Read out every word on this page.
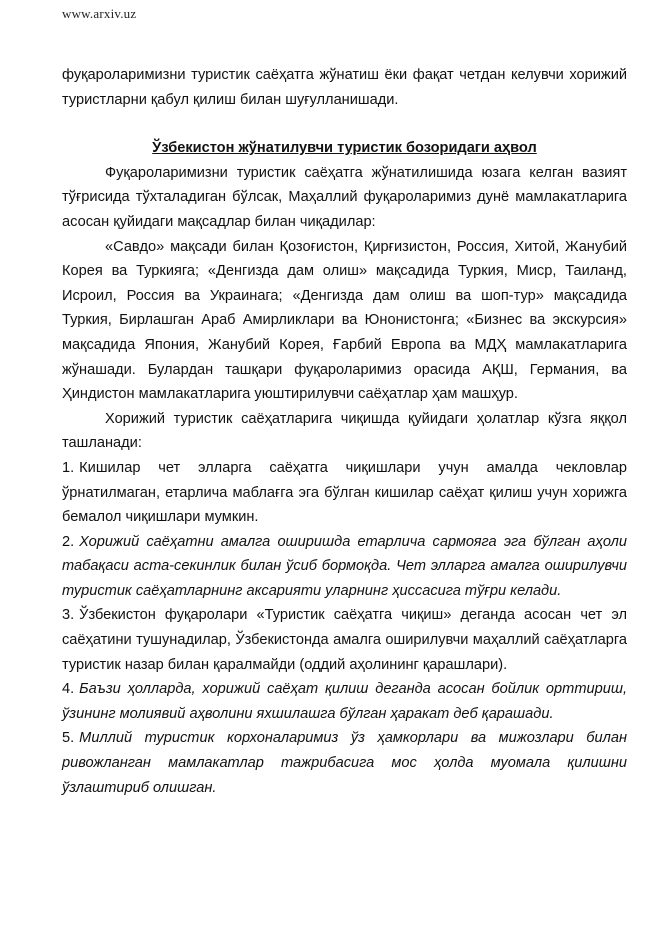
www.arxiv.uz

фуқароларимизни туристик саёҳатга жўнатиш ёки фақат четдан келувчи хорижий туристларни қабул қилиш билан шуғулланишади.

Ўзбекистон жўнатилувчи туристик бозоридаги аҳвол

Фуқароларимизни туристик саёҳатга жўнатилишида юзага келган вазият тўғрисида тўхталадиган бўлсак, Маҳаллий фуқароларимиз дунё мамлакатларига асосан қуйидаги мақсадлар билан чиқадилар:

«Савдо» мақсади билан Қозоғистон, Қирғизистон, Россия, Хитой, Жанубий Корея ва Туркияга; «Денгизда дам олиш» мақсадида Туркия, Миср, Таиланд, Исроил, Россия ва Украинага; «Денгизда дам олиш ва шоп-тур» мақсадида Туркия, Бирлашган Араб Амирликлари ва Юнонистонга; «Бизнес ва экскурсия» мақсадида Япония, Жанубий Корея, Ғарбий Европа ва МДҲ мамлакатларига жўнашади. Булардан ташқари фуқароларимиз орасида АҚШ, Германия, ва Ҳиндистон мамлакатларига уюштирилувчи саёҳатлар ҳам машҳур.

Хорижий туристик саёҳатларига чиқишда қуйидаги ҳолатлар кўзга яққол ташланади:

1. Кишилар чет элларга саёҳатга чиқишлари учун амалда чекловлар ўрнатилмаган, етарлича маблағга эга бўлган кишилар саёҳат қилиш учун хорижга бемалол чиқишлари мумкин.

2. Хорижий саёҳатни амалга оширишда етарлича сармояга эга бўлган аҳоли табақаси аста-секинлик билан ўсиб бормоқда. Чет элларга амалга оширилувчи туристик саёҳатларнинг аксарияти уларнинг ҳиссасига тўғри келади.

3. Ўзбекистон фуқаролари «Туристик саёҳатга чиқиш» деганда асосан чет эл саёҳатини тушунадилар, Ўзбекистонда амалга оширилувчи маҳаллий саёҳатларга туристик назар билан қаралмайди (оддий аҳолининг қарашлари).

4. Баъзи ҳолларда, хорижий саёҳат қилиш деганда асосан бойлик орттириш, ўзининг молиявий аҳволини яхшилашга бўлган ҳаракат деб қарашади.

5. Миллий туристик корхоналаримиз ўз ҳамкорлари ва мижозлари билан ривожланган мамлакатлар тажрибасига мос ҳолда муомала қилишни ўзлаштириб олишган.
